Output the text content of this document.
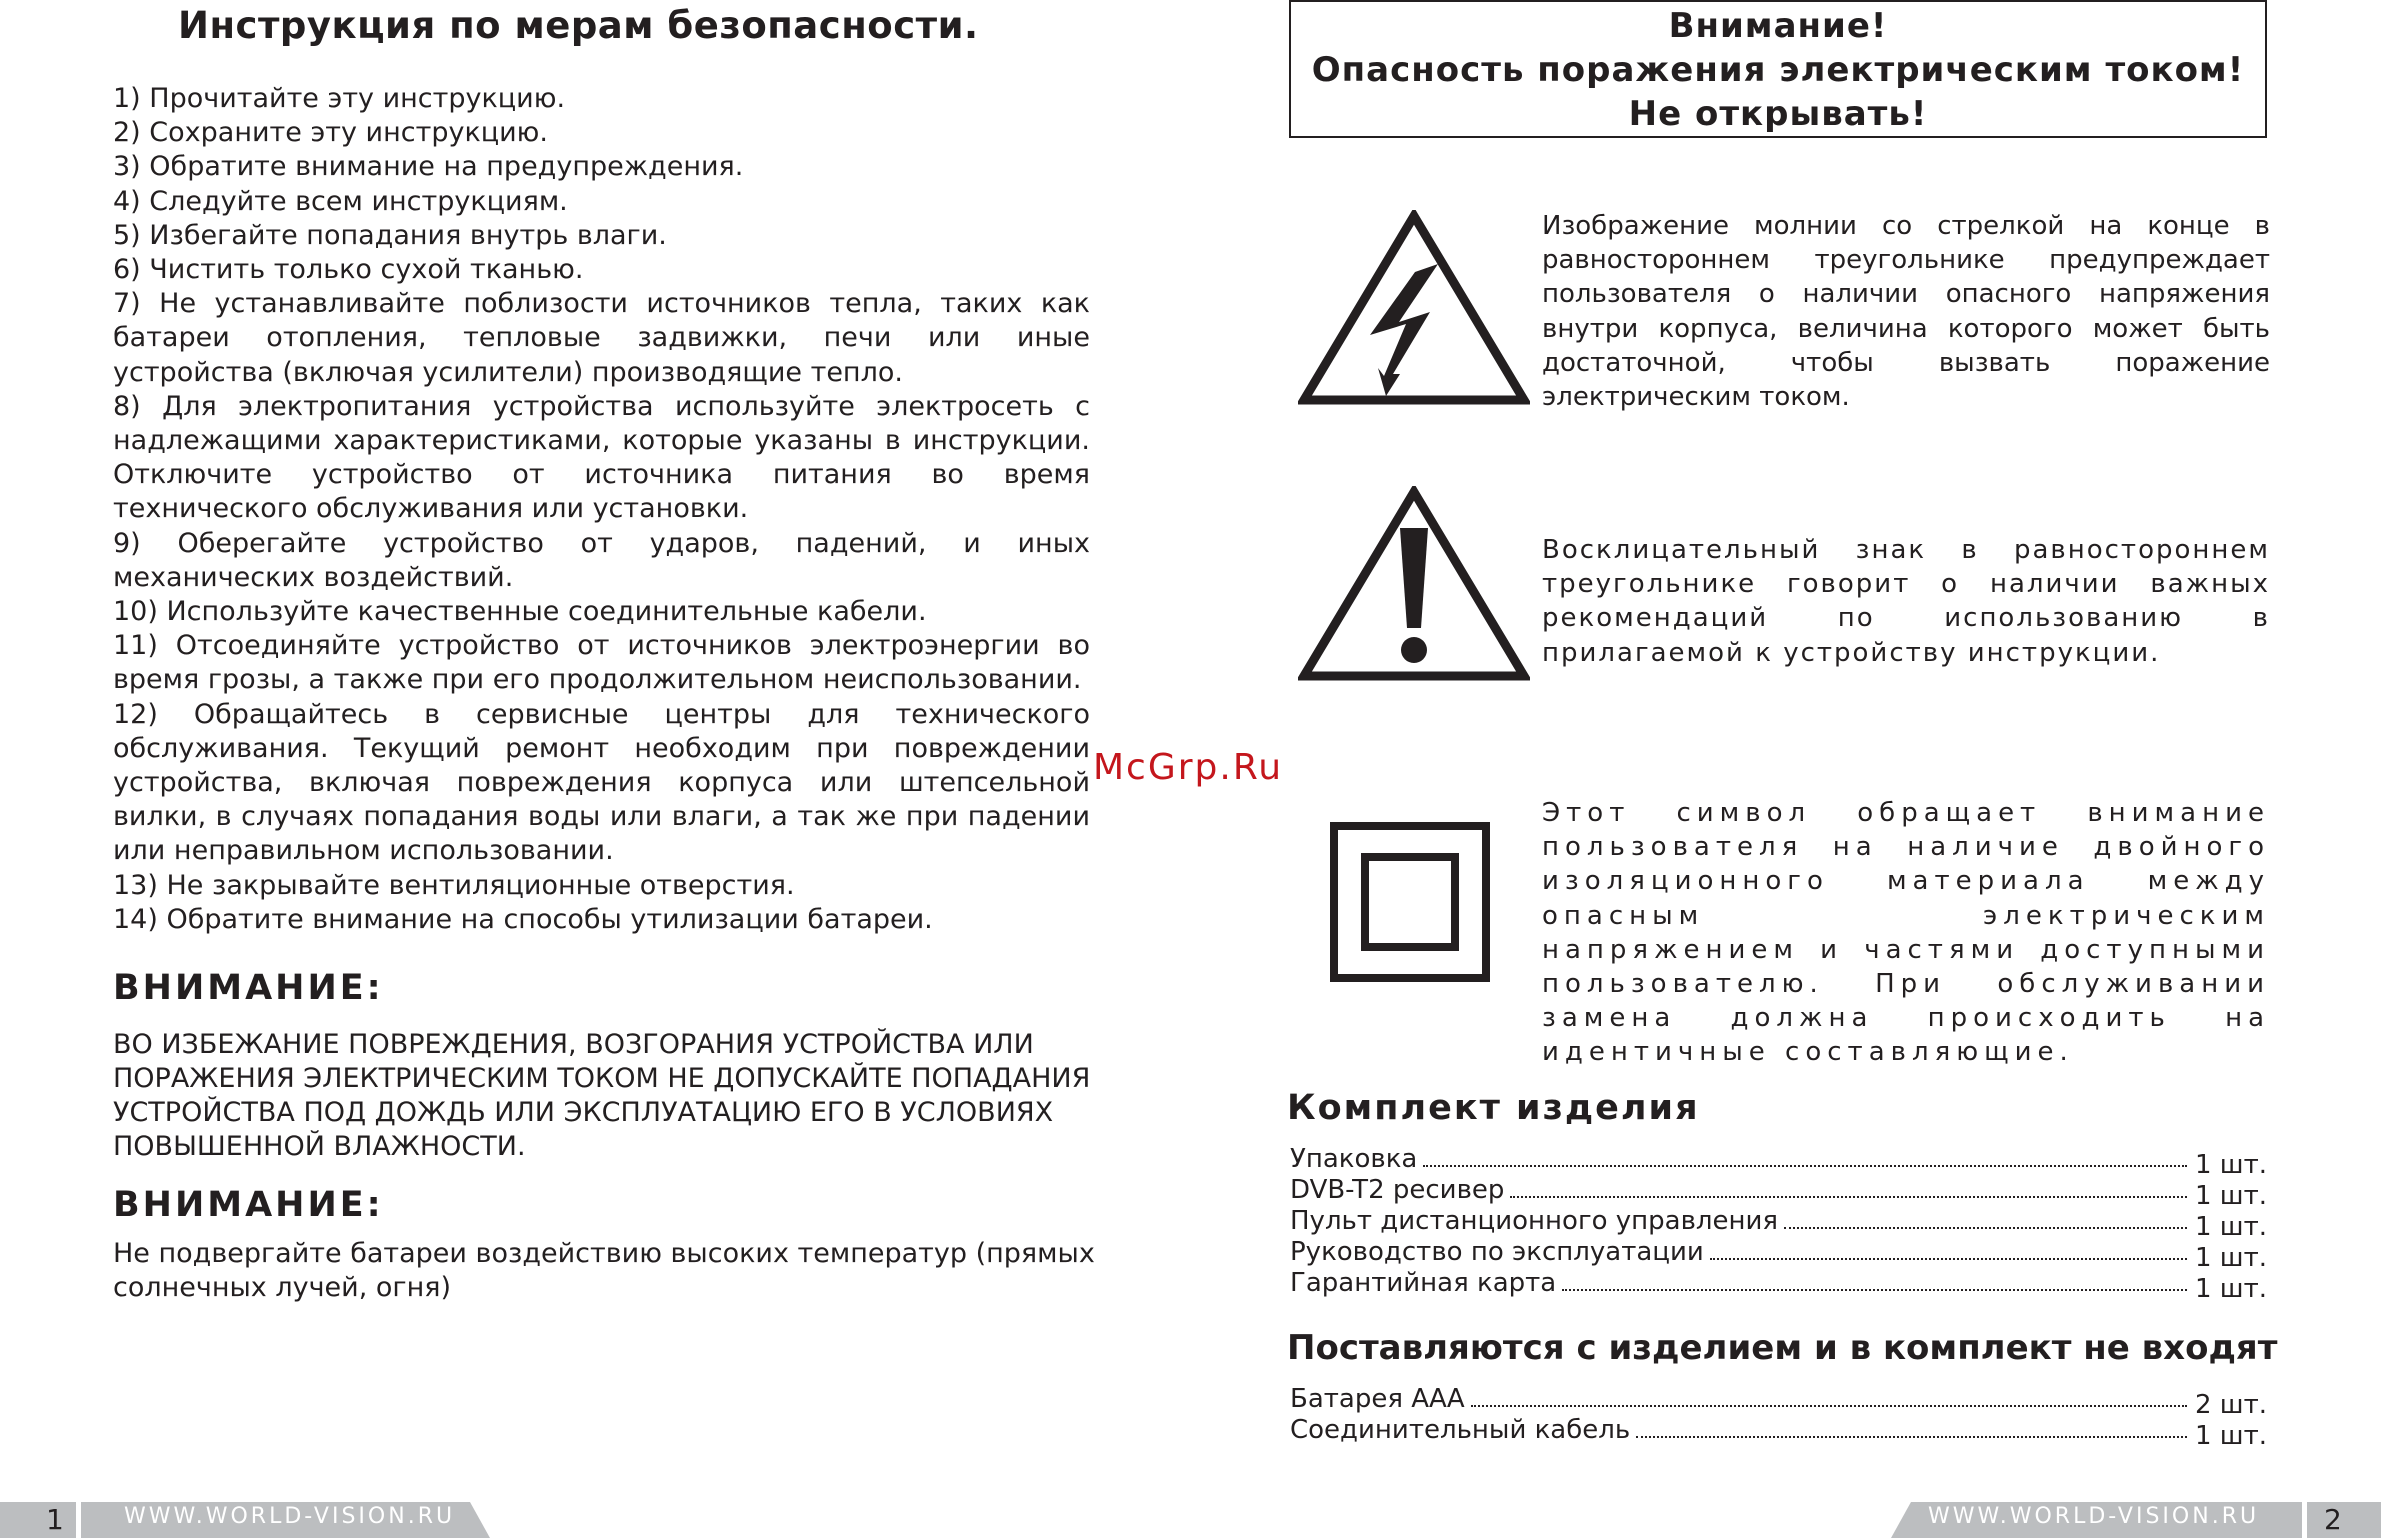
Инструкция по мерам безопасности.
1) Прочитайте эту инструкцию.
2) Сохраните эту инструкцию.
3) Обратите внимание на предупреждения.
4) Следуйте всем инструкциям.
5) Избегайте попадания внутрь влаги.
6) Чистить только сухой тканью.
7) Не устанавливайте поблизости источников тепла, таких как батареи отопления, тепловые задвижки, печи или иные устройства (включая усилители) производящие тепло.
8) Для электропитания устройства используйте электросеть с надлежащими характеристиками, которые указаны в инструкции. Отключите устройство от источника питания во время технического обслуживания или установки.
9) Оберегайте устройство от ударов, падений, и иных механических воздействий.
10) Используйте качественные соединительные кабели.
11) Отсоединяйте устройство от источников электроэнергии во время грозы, а также при его продолжительном неиспользовании.
12) Обращайтесь в сервисные центры для технического обслуживания. Текущий ремонт необходим при повреждении устройства, включая повреждения корпуса или штепсельной вилки, в случаях попадания воды или влаги, а так же при падении или неправильном использовании.
13) Не закрывайте вентиляционные отверстия.
14) Обратите внимание на способы утилизации батареи.
ВНИМАНИЕ:
ВО ИЗБЕЖАНИЕ ПОВРЕЖДЕНИЯ, ВОЗГОРАНИЯ УСТРОЙСТВА ИЛИ ПОРАЖЕНИЯ ЭЛЕКТРИЧЕСКИМ ТОКОМ НЕ ДОПУСКАЙТЕ ПОПАДАНИЯ УСТРОЙСТВА ПОД ДОЖДЬ ИЛИ ЭКСПЛУАТАЦИЮ ЕГО В УСЛОВИЯХ ПОВЫШЕННОЙ ВЛАЖНОСТИ.
ВНИМАНИЕ:
Не подвергайте батареи воздействию высоких температур (прямых солнечных лучей, огня)
Внимание!
Опасность поражения электрическим током!
Не открывать!
Изображение молнии со стрелкой на конце в равностороннем треугольнике предупреждает пользователя о наличии опасного напряжения внутри корпуса, величина которого может быть достаточной, чтобы вызвать поражение электрическим током.
Восклицательный знак в равностороннем треугольнике говорит о наличии важных рекомендаций по использованию в прилагаемой к устройству инструкции.
Этот символ обращает внимание пользователя на наличие двойного изоляционного материала между опасным электрическим напряжением и частями доступными пользователю. При обслуживании замена должна происходить на идентичные составляющие.
Комплект изделия
Упаковка	1 шт.
DVB-T2 ресивер	1 шт.
Пульт дистанционного управления	1 шт.
Руководство по эксплуатации	1 шт.
Гарантийная карта	1 шт.
Поставляются с изделием и в комплект не входят
Батарея ААА	2 шт.
Соединительный кабель	1 шт.
McGrp.Ru
1	WWW.WORLD-VISION.RU	WWW.WORLD-VISION.RU 2
